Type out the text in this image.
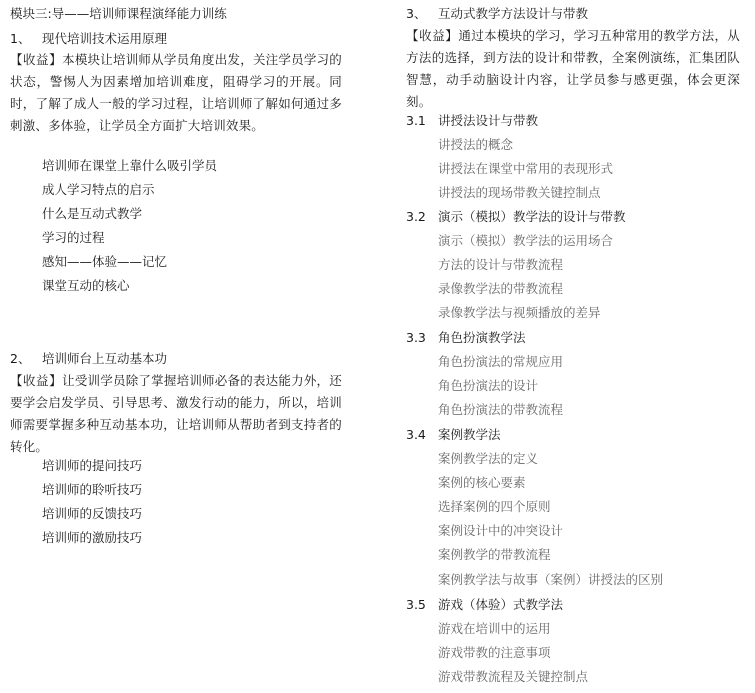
模块三:导——培训师课程演绎能力训练
1、 现代培训技术运用原理
【收益】本模块让培训师从学员角度出发，关注学员学习的状态，警惕人为因素增加培训难度，阻碍学习的开展。同时，了解了成人一般的学习过程，让培训师了解如何通过多刺激、多体验，让学员全方面扩大培训效果。
培训师在课堂上靠什么吸引学员
成人学习特点的启示
什么是互动式教学
学习的过程
感知——体验——记忆
课堂互动的核心
2、 培训师台上互动基本功
【收益】让受训学员除了掌握培训师必备的表达能力外，还要学会启发学员、引导思考、激发行动的能力，所以，培训师需要掌握多种互动基本功，让培训师从帮助者到支持者的转化。
培训师的提问技巧
培训师的聆听技巧
培训师的反馈技巧
培训师的激励技巧
3、 互动式教学方法设计与带教
【收益】通过本模块的学习，学习五种常用的教学方法，从方法的选择，到方法的设计和带教，全案例演练，汇集团队智慧，动手动脑设计内容，让学员参与感更强，体会更深刻。
3.1 讲授法设计与带教
讲授法的概念
讲授法在课堂中常用的表现形式
讲授法的现场带教关键控制点
3.2 演示（模拟）教学法的设计与带教
演示（模拟）教学法的运用场合
方法的设计与带教流程
录像教学法的带教流程
录像教学法与视频播放的差异
3.3 角色扮演教学法
角色扮演法的常规应用
角色扮演法的设计
角色扮演法的带教流程
3.4 案例教学法
案例教学法的定义
案例的核心要素
选择案例的四个原则
案例设计中的冲突设计
案例教学的带教流程
案例教学法与故事（案例）讲授法的区别
3.5 游戏（体验）式教学法
游戏在培训中的运用
游戏带教的注意事项
游戏带教流程及关键控制点
